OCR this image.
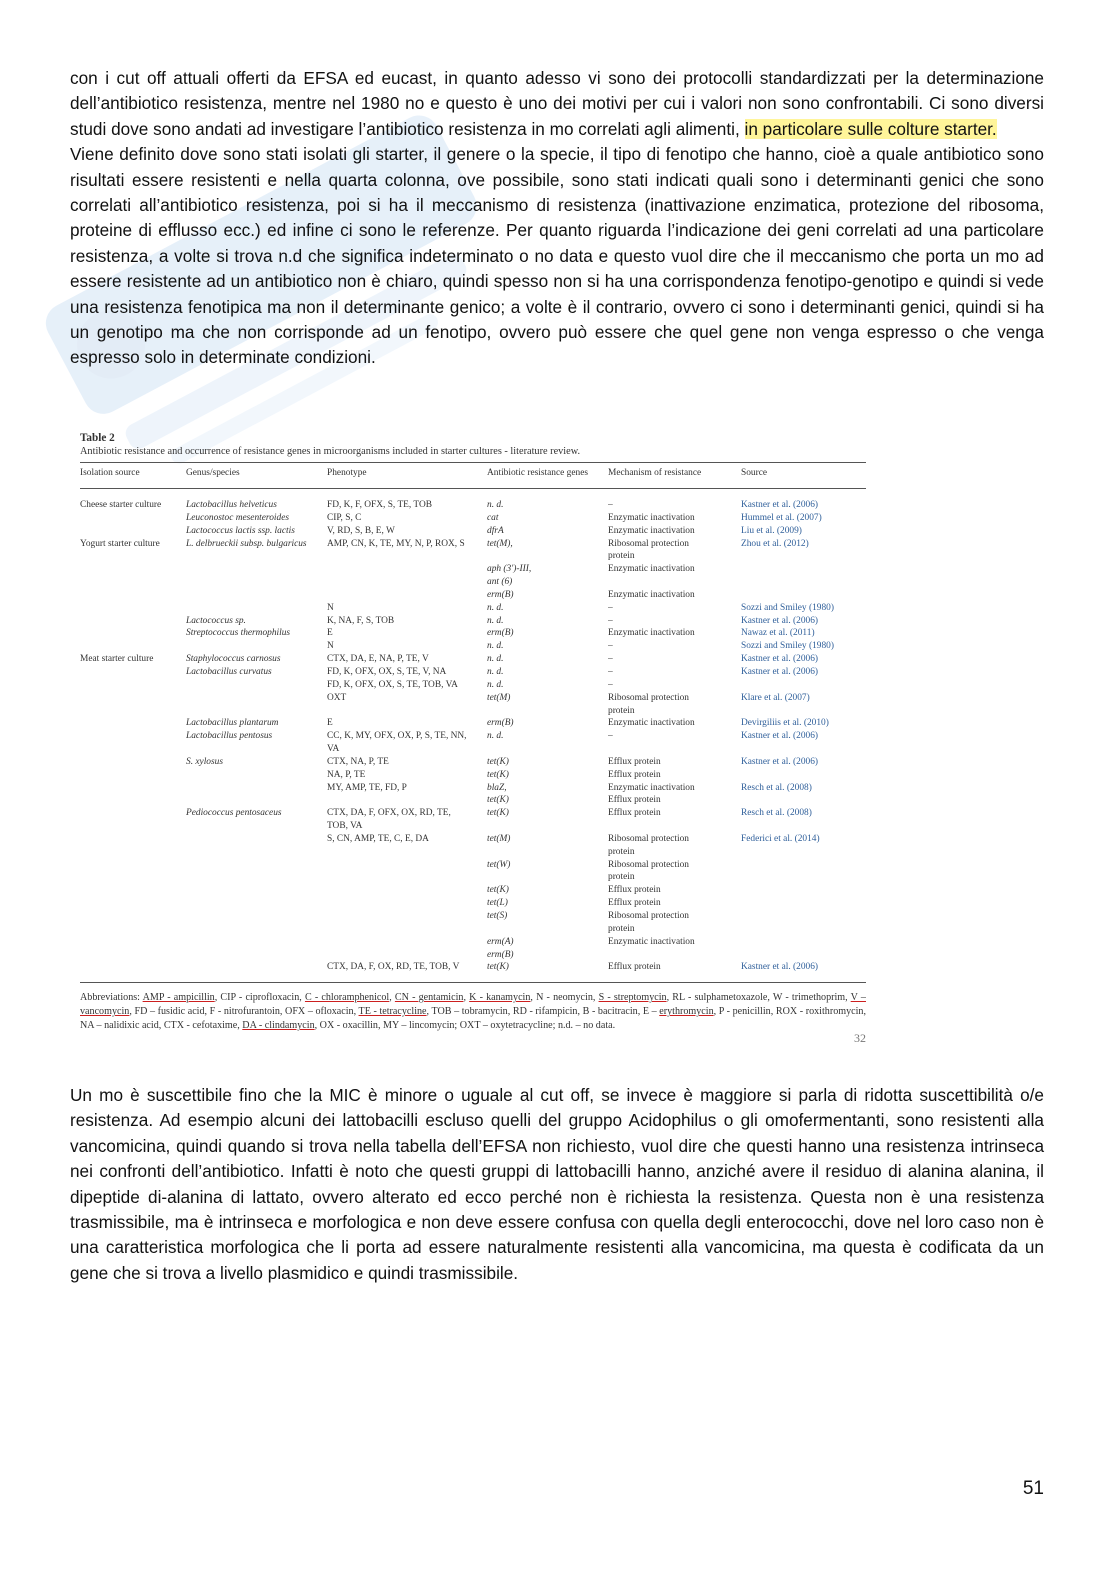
con i cut off attuali offerti da EFSA ed eucast, in quanto adesso vi sono dei protocolli standardizzati per la determinazione dell’antibiotico resistenza, mentre nel 1980 no e questo è uno dei motivi per cui i valori non sono confrontabili. Ci sono diversi studi dove sono andati ad investigare l’antibiotico resistenza in mo correlati agli alimenti, in particolare sulle colture starter.
Viene definito dove sono stati isolati gli starter, il genere o la specie, il tipo di fenotipo che hanno, cioè a quale antibiotico sono risultati essere resistenti e nella quarta colonna, ove possibile, sono stati indicati quali sono i determinanti genici che sono correlati all’antibiotico resistenza, poi si ha il meccanismo di resistenza (inattivazione enzimatica, protezione del ribosoma, proteine di efflusso ecc.) ed infine ci sono le referenze. Per quanto riguarda l’indicazione dei geni correlati ad una particolare resistenza, a volte si trova n.d che significa indeterminato o no data e questo vuol dire che il meccanismo che porta un mo ad essere resistente ad un antibiotico non è chiaro, quindi spesso non si ha una corrispondenza fenotipo-genotipo e quindi si vede una resistenza fenotipica ma non il determinante genico; a volte è il contrario, ovvero ci sono i determinanti genici, quindi si ha un genotipo ma che non corrisponde ad un fenotipo, ovvero può essere che quel gene non venga espresso o che venga espresso solo in determinate condizioni.

Table 2
Antibiotic resistance and occurrence of resistance genes in microorganisms included in starter cultures - literature review.
Isolation source	Genus/species	Phenotype	Antibiotic resistance genes	Mechanism of resistance	Source
Cheese starter culture	Lactobacillus helveticus	FD, K, F, OFX, S, TE, TOB	n. d.	–	Kastner et al. (2006)
	Leuconostoc mesenteroides	CIP, S, C	cat	Enzymatic inactivation	Hummel et al. (2007)
	Lactococcus lactis ssp. lactis	V, RD, S, B, E, W	dfrA	Enzymatic inactivation	Liu et al. (2009)
Yogurt starter culture	L. delbrueckii subsp. bulgaricus	AMP, CN, K, TE, MY, N, P, ROX, S	tet(M),	Ribosomal protection	Zhou et al. (2012)
				protein	
			aph (3′)-III,	Enzymatic inactivation	
			ant (6)		
			erm(B)	Enzymatic inactivation	
		N	n. d.	–	Sozzi and Smiley (1980)
	Lactococcus sp.	K, NA, F, S, TOB	n. d.	–	Kastner et al. (2006)
	Streptococcus thermophilus	E	erm(B)	Enzymatic inactivation	Nawaz et al. (2011)
		N	n. d.	–	Sozzi and Smiley (1980)
Meat starter culture	Staphylococcus carnosus	CTX, DA, E, NA, P, TE, V	n. d.	–	Kastner et al. (2006)
	Lactobacillus curvatus	FD, K, OFX, OX, S, TE, V, NA	n. d.	–	Kastner et al. (2006)
		FD, K, OFX, OX, S, TE, TOB, VA	n. d.	–	
		OXT	tet(M)	Ribosomal protection	Klare et al. (2007)
				protein	
	Lactobacillus plantarum	E	erm(B)	Enzymatic inactivation	Devirgiliis et al. (2010)
	Lactobacillus pentosus	CC, K, MY, OFX, OX, P, S, TE, NN,	n. d.	–	Kastner et al. (2006)
		VA			
	S. xylosus	CTX, NA, P, TE	tet(K)	Efflux protein	Kastner et al. (2006)
		NA, P, TE	tet(K)	Efflux protein	
		MY, AMP, TE, FD, P	blaZ,	Enzymatic inactivation	Resch et al. (2008)
			tet(K)	Efflux protein	
	Pediococcus pentosaceus	CTX, DA, F, OFX, OX, RD, TE,	tet(K)	Efflux protein	Resch et al. (2008)
		TOB, VA			
		S, CN, AMP, TE, C, E, DA	tet(M)	Ribosomal protection	Federici et al. (2014)
				protein	
			tet(W)	Ribosomal protection	
				protein	
			tet(K)	Efflux protein	
			tet(L)	Efflux protein	
			tet(S)	Ribosomal protection	
				protein	
			erm(A)	Enzymatic inactivation	
			erm(B)		
		CTX, DA, F, OX, RD, TE, TOB, V	tet(K)	Efflux protein	Kastner et al. (2006)
Abbreviations: AMP - ampicillin, CIP - ciprofloxacin, C - chloramphenicol, CN - gentamicin, K - kanamycin, N - neomycin, S - streptomycin, RL - sulphametoxazole, W - trimethoprim, V – vancomycin, FD – fusidic acid, F - nitrofurantoin, OFX – ofloxacin, TE - tetracycline, TOB – tobramycin, RD - rifampicin, B - bacitracin, E – erythromycin, P - penicillin, ROX - roxithromycin, NA – nalidixic acid, CTX - cefotaxime, DA - clindamycin, OX - oxacillin, MY – lincomycin; OXT – oxytetracycline; n.d. – no data.
32

Un mo è suscettibile fino che la MIC è minore o uguale al cut off, se invece è maggiore si parla di ridotta suscettibilità o/e resistenza. Ad esempio alcuni dei lattobacilli escluso quelli del gruppo Acidophilus o gli omofermentanti, sono resistenti alla vancomicina, quindi quando si trova nella tabella dell’EFSA non richiesto, vuol dire che questi hanno una resistenza intrinseca nei confronti dell’antibiotico. Infatti è noto che questi gruppi di lattobacilli hanno, anziché avere il residuo di alanina alanina, il dipeptide di-alanina di lattato, ovvero alterato ed ecco perché non è richiesta la resistenza. Questa non è una resistenza trasmissibile, ma è intrinseca e morfologica e non deve essere confusa con quella degli enterococchi, dove nel loro caso non è una caratteristica morfologica che li porta ad essere naturalmente resistenti alla vancomicina, ma questa è codificata da un gene che si trova a livello plasmidico e quindi trasmissibile.

51
